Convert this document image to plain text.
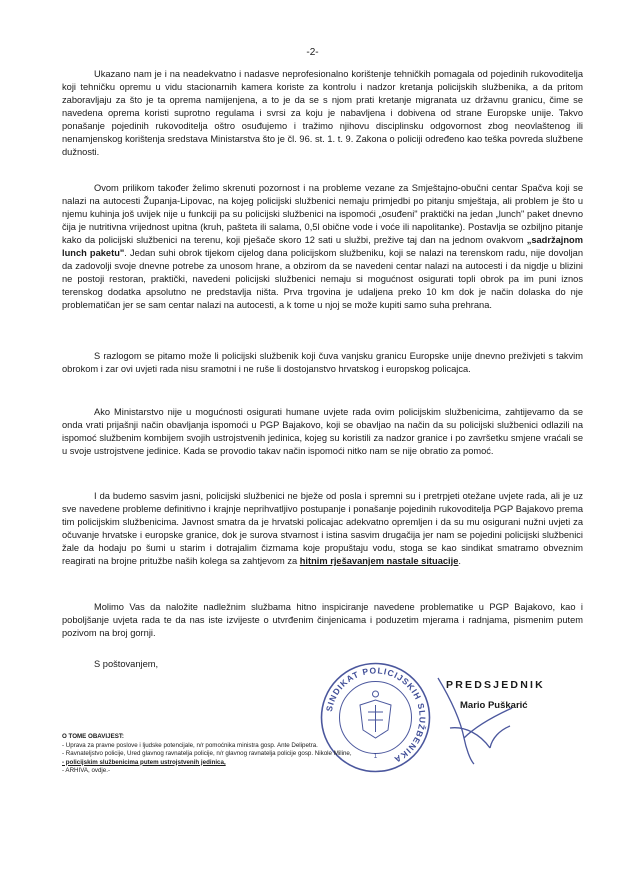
-2-

Ukazano nam je i na neadekvatno i nadasve neprofesionalno korištenje tehničkih pomagala od pojedinih rukovoditelja koji tehničku opremu u vidu stacionarnih kamera koriste za kontrolu i nadzor kretanja policijskih službenika, a da pritom zaboravljaju za što je ta oprema namijenjena, a to je da se s njom prati kretanje migranata uz državnu granicu, čime se navedena oprema koristi suprotno regulama i svrsi za koju je nabavljena i dobivena od strane Europske unije. Takvo ponašanje pojedinih rukovoditelja oštro osuđujemo i tražimo njihovu disciplinsku odgovornost zbog neovlaštenog ili nenamjenskog korištenja sredstava Ministarstva što je čl. 96. st. 1. t. 9. Zakona o policiji određeno kao teška povreda službene dužnosti.

Ovom prilikom također želimo skrenuti pozornost i na probleme vezane za Smještajno-obučni centar Spačva koji se nalazi na autocesti Županja-Lipovac, na kojeg policijski službenici nemaju primjedbi po pitanju smještaja, ali problem je što u njemu kuhinja još uvijek nije u funkciji pa su policijski službenici na ispomoći „osuđeni" praktički na jedan „lunch" paket dnevno čija je nutritivna vrijednost upitna (kruh, pašteta ili salama, 0,5l obične vode i voće ili napolitanke). Postavlja se ozbiljno pitanje kako da policijski službenici na terenu, koji pješače skoro 12 sati u službi, prežive taj dan na jednom ovakvom „sadržajnom lunch paketu". Jedan suhi obrok tijekom cijelog dana policijskom službeniku, koji se nalazi na terenskom radu, nije dovoljan da zadovolji svoje dnevne potrebe za unosom hrane, a obzirom da se navedeni centar nalazi na autocesti i da nigdje u blizini ne postoji restoran, praktički, navedeni policijski službenici nemaju si mogućnost osigurati topli obrok pa im puni iznos terenskog dodatka apsolutno ne predstavlja ništa. Prva trgovina je udaljena preko 10 km dok je način dolaska do nje problematičan jer se sam centar nalazi na autocesti, a k tome u njoj se može kupiti samo suha prehrana.

S razlogom se pitamo može li policijski službenik koji čuva vanjsku granicu Europske unije dnevno preživjeti s takvim obrokom i zar ovi uvjeti rada nisu sramotni i ne ruše li dostojanstvo hrvatskog i europskog policajca.

Ako Ministarstvo nije u mogućnosti osigurati humane uvjete rada ovim policijskim službenicima, zahtijevamo da se onda vrati prijašnji način obavljanja ispomoći u PGP Bajakovo, koji se obavljao na način da su policijski službenici odlazili na ispomoć službenim kombijem svojih ustrojstvenih jedinica, kojeg su koristili za nadzor granice i po završetku smjene vraćali se u svoje ustrojstvene jedinice. Kada se provodio takav način ispomoći nitko nam se nije obratio za pomoć.

I da budemo sasvim jasni, policijski službenici ne bježe od posla i spremni su i pretrpjeti otežane uvjete rada, ali je uz sve navedene probleme definitivno i krajnje neprihvatljivo postupanje i ponašanje pojedinih rukovoditelja PGP Bajakovo prema tim policijskim službenicima. Javnost smatra da je hrvatski policajac adekvatno opremljen i da su mu osigurani nužni uvjeti za očuvanje hrvatske i europske granice, dok je surova stvarnost i istina sasvim drugačija jer nam se pojedini policijski službenici žale da hodaju po šumi u starim i dotrajalim čizmama koje propuštaju vodu, stoga se kao sindikat smatramo obveznim reagirati na brojne pritužbe naših kolega sa zahtjevom za hitnim rješavanjem nastale situacije.

Molimo Vas da naložite nadležnim službama hitno inspiciranje navedene problematike u PGP Bajakovo, kao i poboljšanje uvjeta rada te da nas iste izvijeste o utvrđenim činjenicama i poduzetim mjerama i radnjama, pismenim putem pozivom na broj gornji.

S poštovanjem,
SINDIKAT POLICIJSKIH SLUŽBENIKA
1
PREDSJEDNIK
Mario Puškarić
O TOME OBAVIJEST:
- Uprava za pravne poslove i ljudske potencijale, n/r pomoćnika ministra gosp. Ante Delipetra.
- Ravnateljstvo policije, Ured glavnog ravnatelja policije, n/r glavnog ravnatelja policije gosp. Nikole Miline,
- policijskim službenicima putem ustrojstvenih jedinica,
- ARHIVA, ovdje.-
